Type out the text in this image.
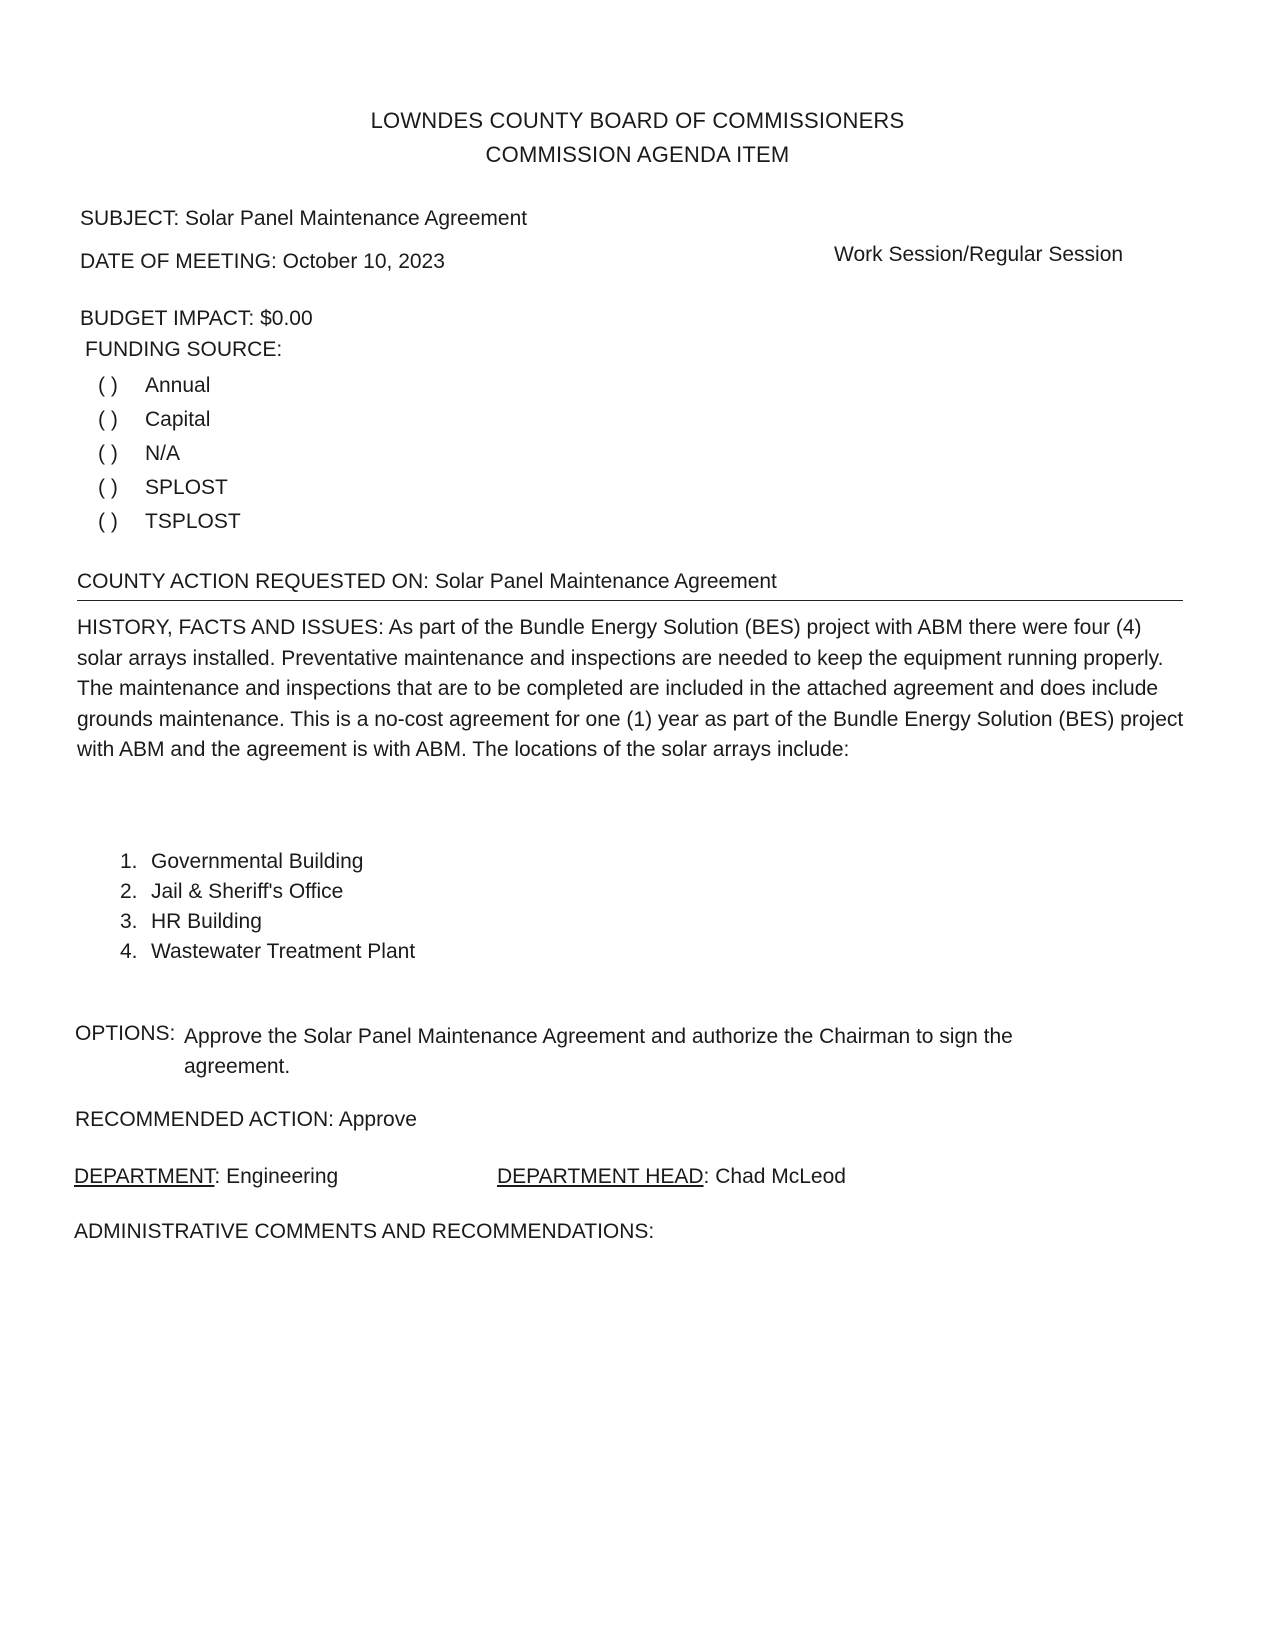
LOWNDES COUNTY BOARD OF COMMISSIONERS
COMMISSION AGENDA ITEM
SUBJECT: Solar Panel Maintenance Agreement
DATE OF MEETING: October 10, 2023	Work Session/Regular Session
BUDGET IMPACT: $0.00
FUNDING SOURCE:
( )	Annual
( )	Capital
( )	N/A
( )	SPLOST
( )	TSPLOST
COUNTY ACTION REQUESTED ON: Solar Panel Maintenance Agreement
HISTORY, FACTS AND ISSUES: As part of the Bundle Energy Solution (BES) project with ABM there were four (4) solar arrays installed. Preventative maintenance and inspections are needed to keep the equipment running properly. The maintenance and inspections that are to be completed are included in the attached agreement and does include grounds maintenance. This is a no-cost agreement for one (1) year as part of the Bundle Energy Solution (BES) project with ABM and the agreement is with ABM. The locations of the solar arrays include:
1. Governmental Building
2. Jail & Sheriff's Office
3. HR Building
4. Wastewater Treatment Plant
OPTIONS: Approve the Solar Panel Maintenance Agreement and authorize the Chairman to sign the agreement.
RECOMMENDED ACTION: Approve
DEPARTMENT: Engineering	DEPARTMENT HEAD: Chad McLeod
ADMINISTRATIVE COMMENTS AND RECOMMENDATIONS:
